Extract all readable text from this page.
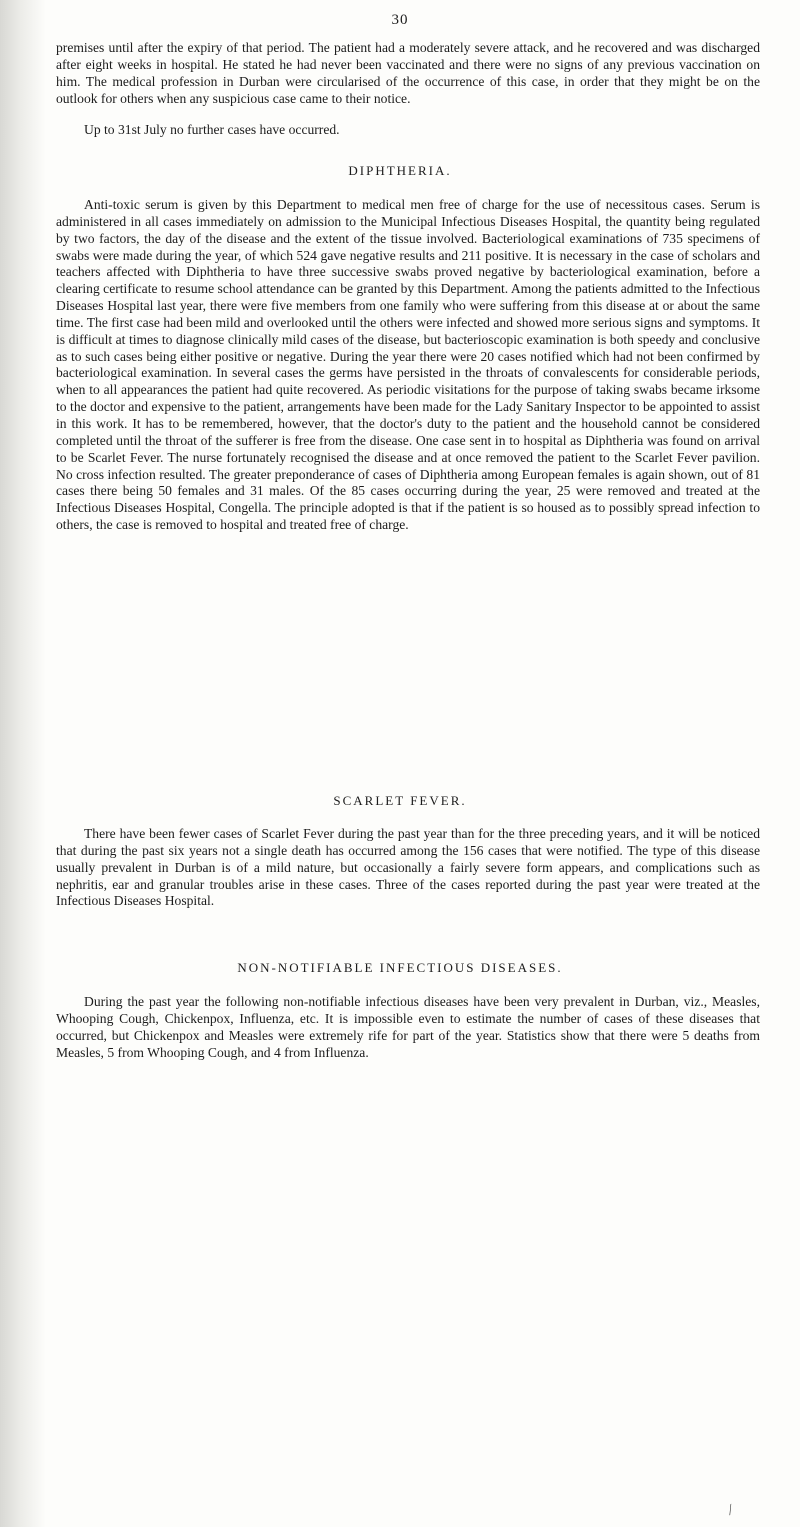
30

premises until after the expiry of that period. The patient had a moderately severe attack, and he recovered and was discharged after eight weeks in hospital. He stated he had never been vaccinated and there were no signs of any previous vaccination on him. The medical profession in Durban were circularised of the occurrence of this case, in order that they might be on the outlook for others when any suspicious case came to their notice.

Up to 31st July no further cases have occurred.

DIPHTHERIA.

Anti-toxic serum is given by this Department to medical men free of charge for the use of necessitous cases. Serum is administered in all cases immediately on admission to the Municipal Infectious Diseases Hospital, the quantity being regulated by two factors, the day of the disease and the extent of the tissue involved. Bacteriological examinations of 735 specimens of swabs were made during the year, of which 524 gave negative results and 211 positive. It is necessary in the case of scholars and teachers affected with Diphtheria to have three successive swabs proved negative by bacteriological examination, before a clearing certificate to resume school attendance can be granted by this Department. Among the patients admitted to the Infectious Diseases Hospital last year, there were five members from one family who were suffering from this disease at or about the same time. The first case had been mild and overlooked until the others were infected and showed more serious signs and symptoms. It is difficult at times to diagnose clinically mild cases of the disease, but bacterioscopic examination is both speedy and conclusive as to such cases being either positive or negative. During the year there were 20 cases notified which had not been confirmed by bacteriological examination. In several cases the germs have persisted in the throats of convalescents for considerable periods, when to all appearances the patient had quite recovered. As periodic visitations for the purpose of taking swabs became irksome to the doctor and expensive to the patient, arrangements have been made for the Lady Sanitary Inspector to be appointed to assist in this work. It has to be remembered, however, that the doctor's duty to the patient and the household cannot be considered completed until the throat of the sufferer is free from the disease. One case sent in to hospital as Diphtheria was found on arrival to be Scarlet Fever. The nurse fortunately recognised the disease and at once removed the patient to the Scarlet Fever pavilion. No cross infection resulted. The greater preponderance of cases of Diphtheria among European females is again shown, out of 81 cases there being 50 females and 31 males. Of the 85 cases occurring during the year, 25 were removed and treated at the Infectious Diseases Hospital, Congella. The principle adopted is that if the patient is so housed as to possibly spread infection to others, the case is removed to hospital and treated free of charge.

SCARLET FEVER.

There have been fewer cases of Scarlet Fever during the past year than for the three preceding years, and it will be noticed that during the past six years not a single death has occurred among the 156 cases that were notified. The type of this disease usually prevalent in Durban is of a mild nature, but occasionally a fairly severe form appears, and complications such as nephritis, ear and granular troubles arise in these cases. Three of the cases reported during the past year were treated at the Infectious Diseases Hospital.

NON-NOTIFIABLE INFECTIOUS DISEASES.

During the past year the following non-notifiable infectious diseases have been very prevalent in Durban, viz., Measles, Whooping Cough, Chickenpox, Influenza, etc. It is impossible even to estimate the number of cases of these diseases that occurred, but Chickenpox and Measles were extremely rife for part of the year. Statistics show that there were 5 deaths from Measles, 5 from Whooping Cough, and 4 from Influenza.

⁄
